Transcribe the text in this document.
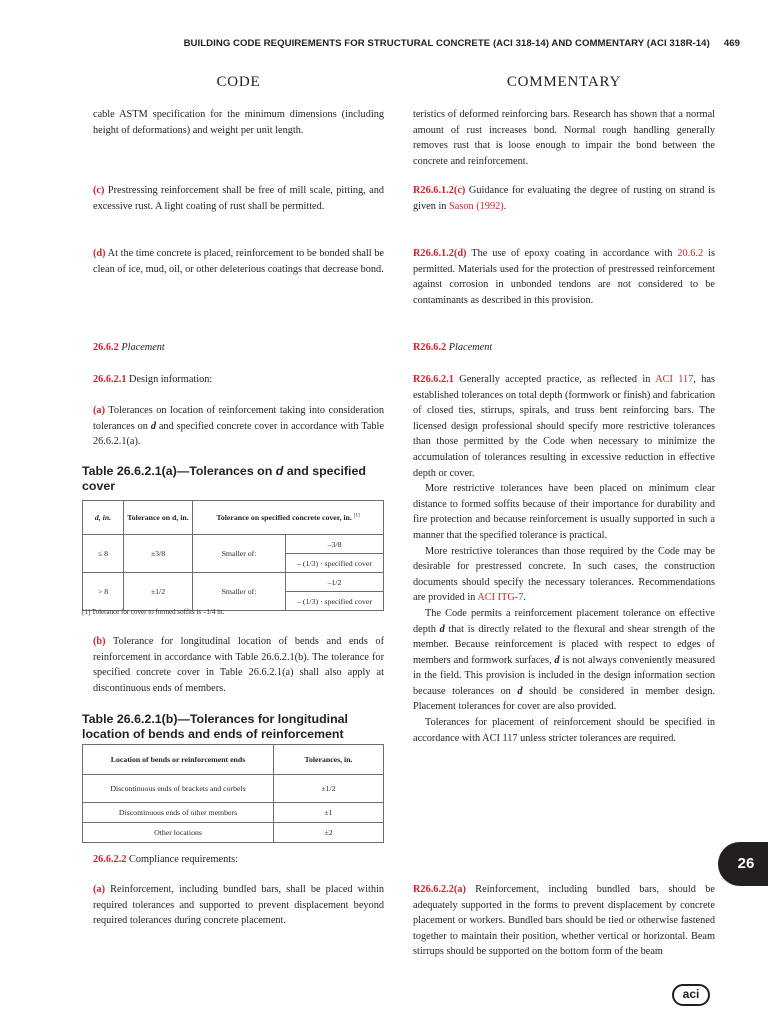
BUILDING CODE REQUIREMENTS FOR STRUCTURAL CONCRETE (ACI 318-14) AND COMMENTARY (ACI 318R-14) 469
CODE	COMMENTARY

cable ASTM specification for the minimum dimensions (including height of deformations) and weight per unit length.

(c) Prestressing reinforcement shall be free of mill scale, pitting, and excessive rust. A light coating of rust shall be permitted.

(d) At the time concrete is placed, reinforcement to be bonded shall be clean of ice, mud, oil, or other deleterious coatings that decrease bond.

26.6.2 Placement

26.6.2.1 Design information:

(a) Tolerances on location of reinforcement taking into consideration tolerances on d and specified concrete cover in accordance with Table 26.6.2.1(a).

Table 26.6.2.1(a)—Tolerances on d and specified cover
d, in.	Tolerance on d, in.	Tolerance on specified concrete cover, in. [1]
≤ 8	±3/8	Smaller of:	–3/8
			– (1/3) · specified cover
> 8	±1/2	Smaller of:	–1/2
			– (1/3) · specified cover
[1] Tolerance for cover to formed soffits is –1/4 in.

(b) Tolerance for longitudinal location of bends and ends of reinforcement in accordance with Table 26.6.2.1(b). The tolerance for specified concrete cover in Table 26.6.2.1(a) shall also apply at discontinuous ends of members.

Table 26.6.2.1(b)—Tolerances for longitudinal location of bends and ends of reinforcement
Location of bends or reinforcement ends	Tolerances, in.
Discontinuous ends of brackets and corbels	±1/2
Discontinuous ends of other members	±1
Other locations	±2

26.6.2.2 Compliance requirements:

(a) Reinforcement, including bundled bars, shall be placed within required tolerances and supported to prevent displacement beyond required tolerances during concrete placement.

teristics of deformed reinforcing bars. Research has shown that a normal amount of rust increases bond. Normal rough handling generally removes rust that is loose enough to impair the bond between the concrete and reinforcement.

R26.6.1.2(c) Guidance for evaluating the degree of rusting on strand is given in Sason (1992).

R26.6.1.2(d) The use of epoxy coating in accordance with 20.6.2 is permitted. Materials used for the protection of prestressed reinforcement against corrosion in unbonded tendons are not considered to be contaminants as described in this provision.

R26.6.2 Placement

R26.6.2.1 Generally accepted practice, as reflected in ACI 117, has established tolerances on total depth (formwork or finish) and fabrication of closed ties, stirrups, spirals, and truss bent reinforcing bars. The licensed design professional should specify more restrictive tolerances than those permitted by the Code when necessary to minimize the accumulation of tolerances resulting in excessive reduction in effective depth or cover.

More restrictive tolerances have been placed on minimum clear distance to formed soffits because of their importance for durability and fire protection and because reinforcement is usually supported in such a manner that the specified tolerance is practical.

More restrictive tolerances than those required by the Code may be desirable for prestressed concrete. In such cases, the construction documents should specify the necessary tolerances. Recommendations are provided in ACI ITG-7.

The Code permits a reinforcement placement tolerance on effective depth d that is directly related to the flexural and shear strength of the member. Because reinforcement is placed with respect to edges of members and formwork surfaces, d is not always conveniently measured in the field. This provision is included in the design information section because tolerances on d should be considered in member design. Placement tolerances for cover are also provided.

Tolerances for placement of reinforcement should be specified in accordance with ACI 117 unless stricter tolerances are required.

R26.6.2.2(a) Reinforcement, including bundled bars, should be adequately supported in the forms to prevent displacement by concrete placement or workers. Bundled bars should be tied or otherwise fastened together to maintain their position, whether vertical or horizontal. Beam stirrups should be supported on the bottom form of the beam

26
aci
